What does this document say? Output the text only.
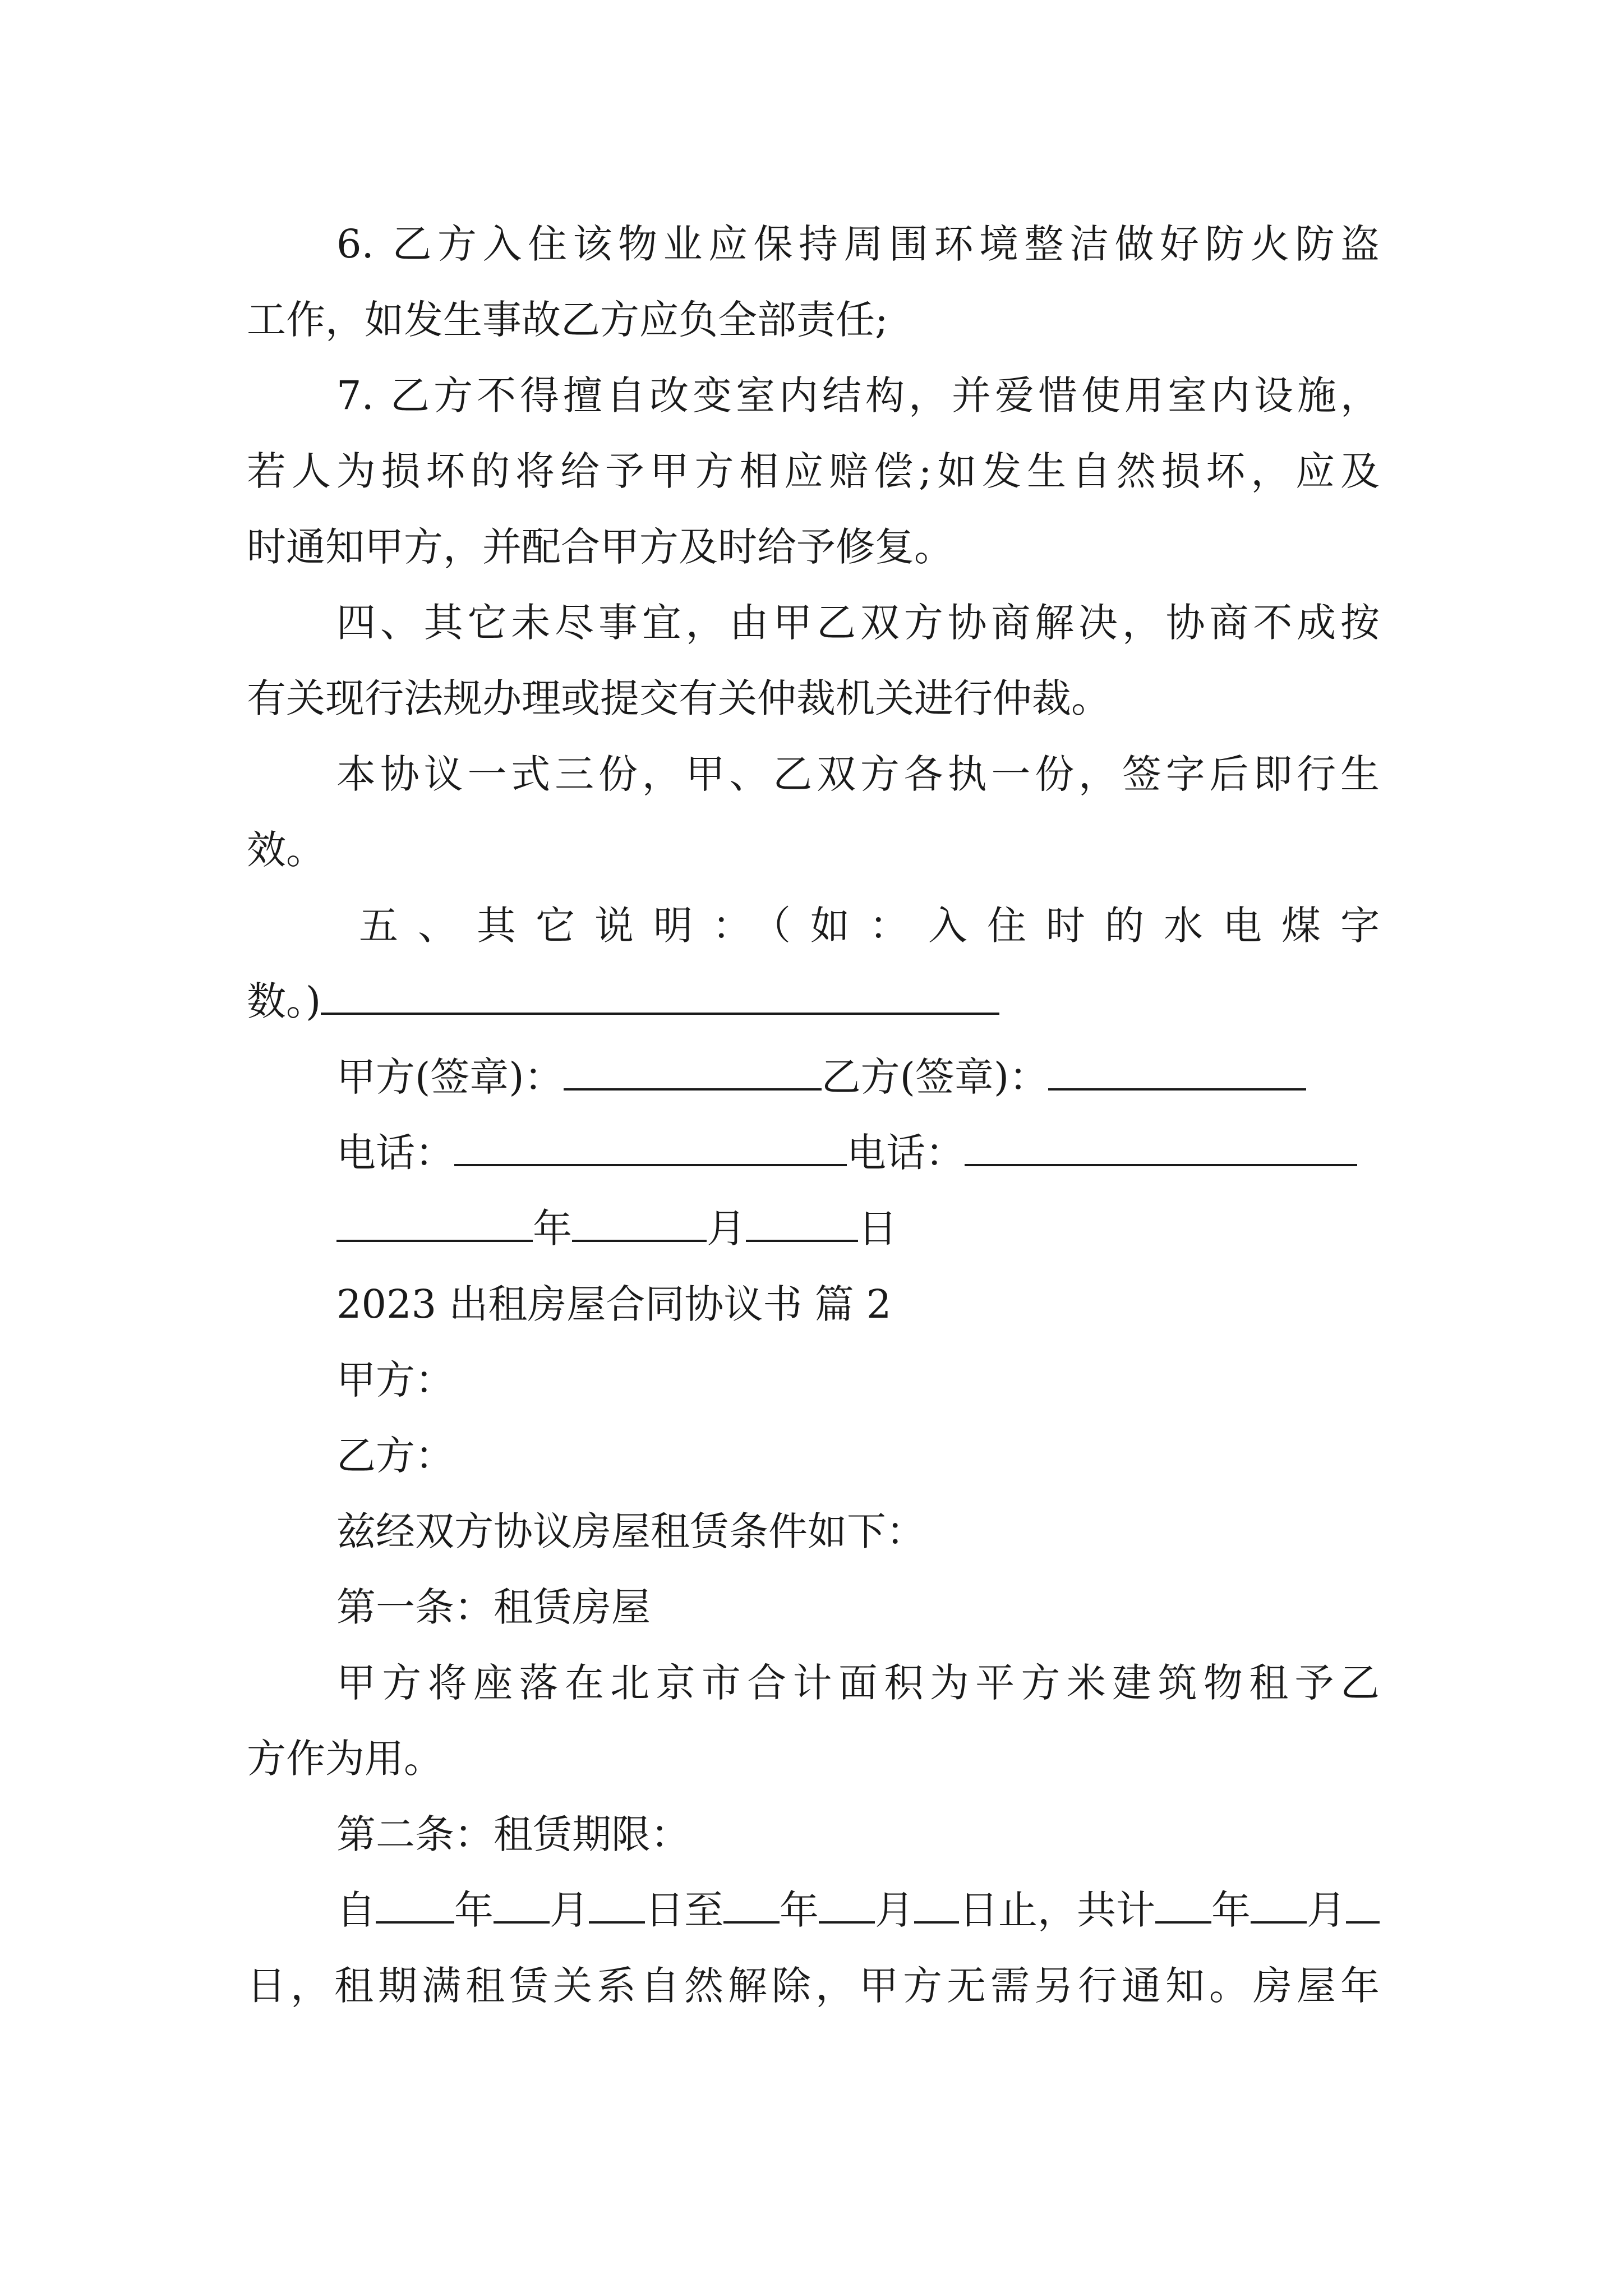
6. 乙方入住该物业应保持周围环境整洁做好防火防盗
工作，如发生事故乙方应负全部责任;
7. 乙方不得擅自改变室内结构，并爱惜使用室内设施，
若人为损坏的将给予甲方相应赔偿;如发生自然损坏，应及
时通知甲方，并配合甲方及时给予修复。
四、其它未尽事宜，由甲乙双方协商解决，协商不成按
有关现行法规办理或提交有关仲裁机关进行仲裁。
本协议一式三份，甲、乙双方各执一份，签字后即行生
效。
五、其它说明：（如：入住时的水电煤字
数。)
甲方(签章)：	乙方(签章)：
电话：	电话：
年	月	日
2023 出租房屋合同协议书 篇 2
甲方：
乙方：
兹经双方协议房屋租赁条件如下：
第一条：租赁房屋
甲方将座落在北京市合计面积为平方米建筑物租予乙
方作为用。
第二条：租赁期限：
自 年 月 日至 年 月 日止，共计 年 月
日，租期满租赁关系自然解除，甲方无需另行通知。房屋年
